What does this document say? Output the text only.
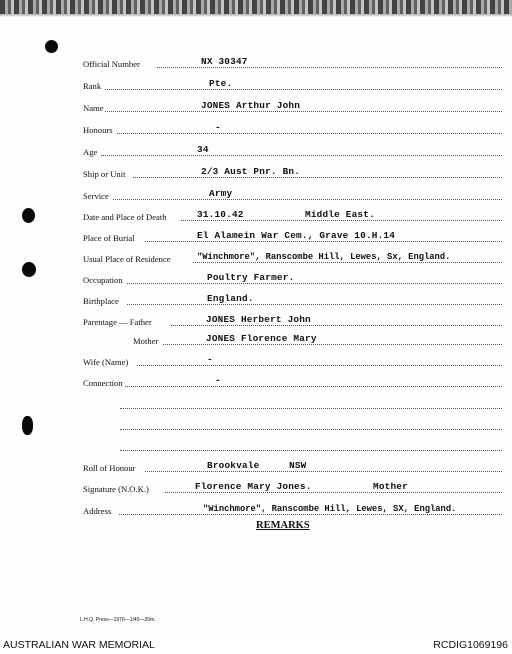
Official Number	NX 30347
Rank	Pte.
Name	JONES Arthur John
Honours	-
Age	34
Ship or Unit	2/3 Aust Pnr. Bn.
Service	Army
Date and Place of Death	31.10.42	Middle East.
Place of Burial	El Alamein War Cem., Grave 10.H.14
Usual Place of Residence	"Winchmore", Ranscombe Hill, Lewes, Sx, England.
Occupation	Poultry Farmer.
Birthplace	England.
Parentage — Father	JONES Herbert John
Mother	JONES Florence Mary
Wife (Name)	-
Connection	-
Roll of Honour	Brookvale	NSW
Signature (N.O.K.)	Florence Mary Jones.	Mother
Address	"Winchmore", Ranscombe Hill, Lewes, SX, England.
REMARKS
L.H.Q. Press—1976—1/45—20m.
AUSTRALIAN WAR MEMORIAL	RCDIG1069196
